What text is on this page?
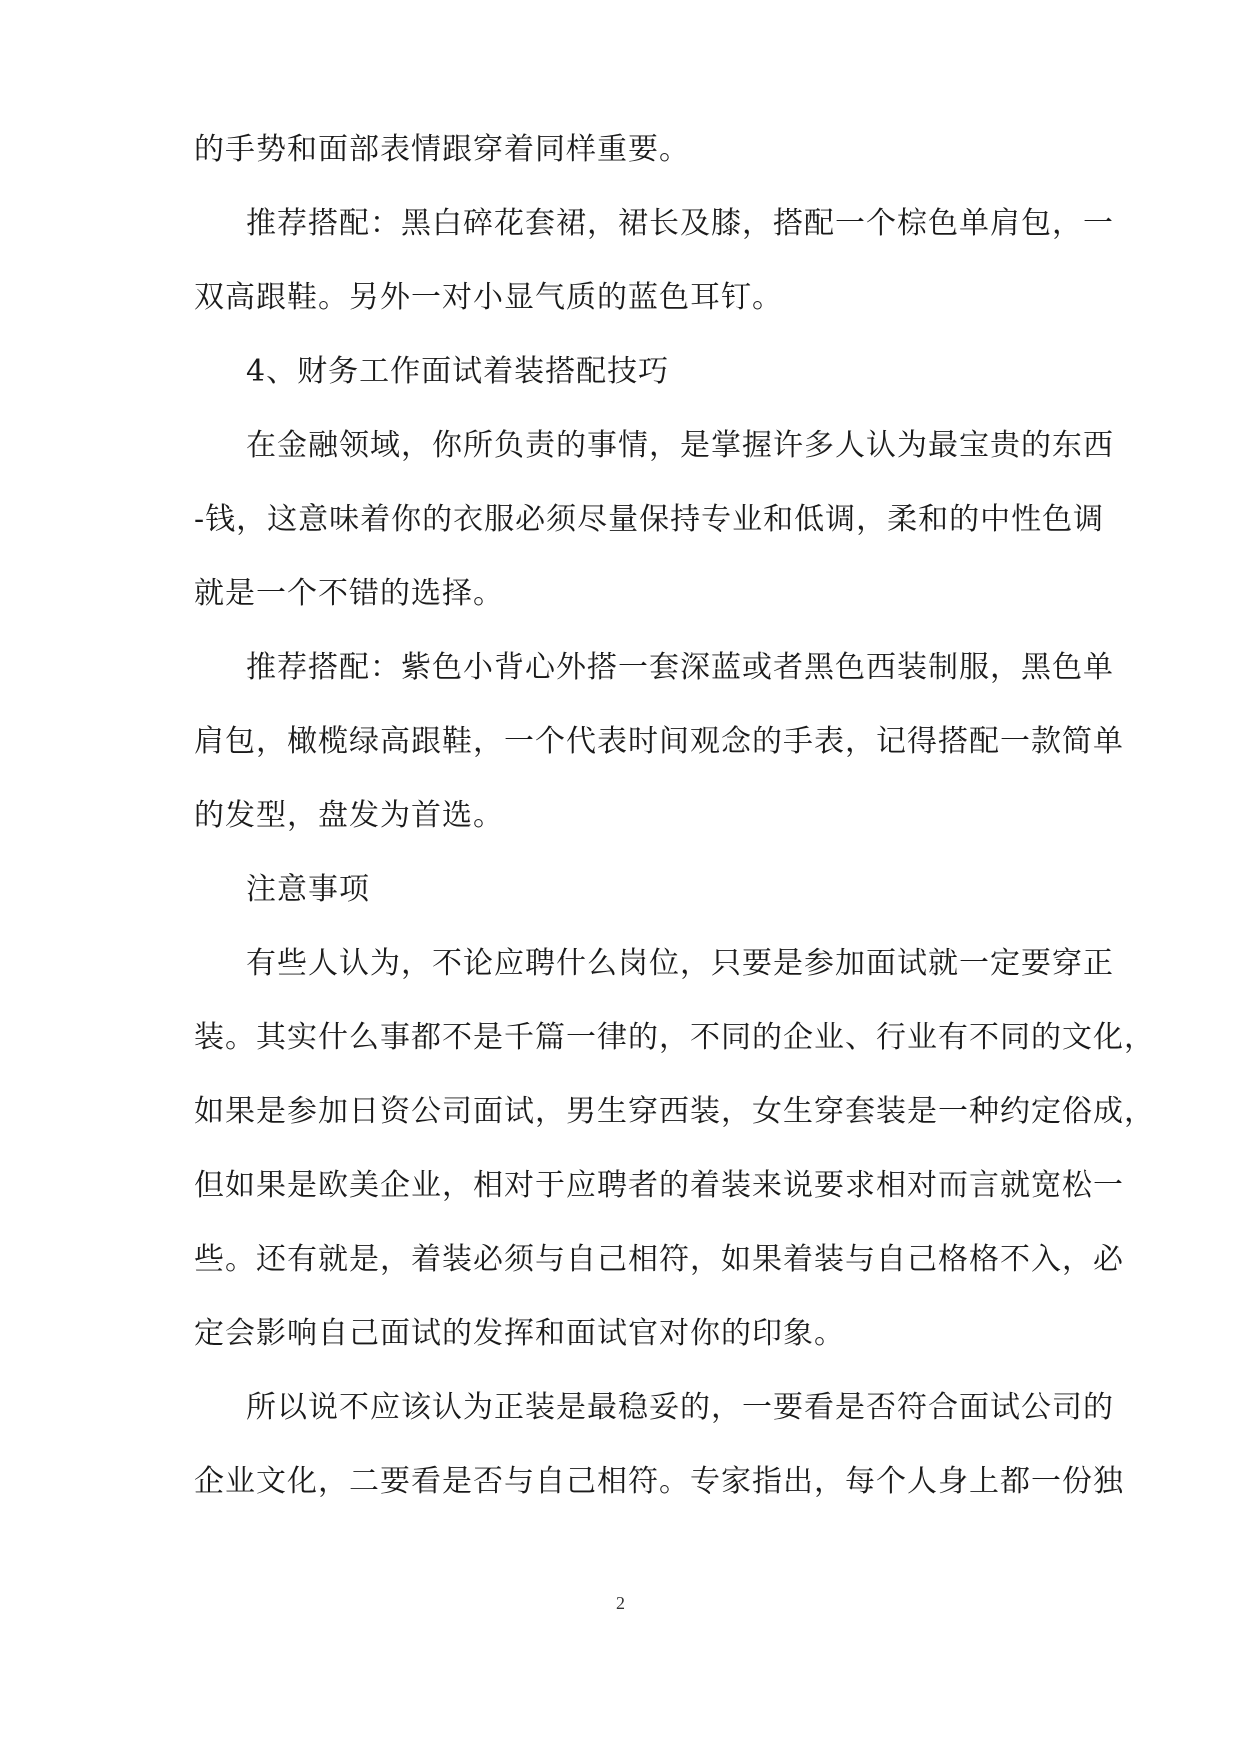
的手势和面部表情跟穿着同样重要。
推荐搭配：黑白碎花套裙，裙长及膝，搭配一个棕色单肩包，一
双高跟鞋。另外一对小显气质的蓝色耳钉。
4、财务工作面试着装搭配技巧
在金融领域，你所负责的事情，是掌握许多人认为最宝贵的东西
-钱，这意味着你的衣服必须尽量保持专业和低调，柔和的中性色调
就是一个不错的选择。
推荐搭配：紫色小背心外搭一套深蓝或者黑色西装制服，黑色单
肩包，橄榄绿高跟鞋，一个代表时间观念的手表，记得搭配一款简单
的发型，盘发为首选。
注意事项
有些人认为，不论应聘什么岗位，只要是参加面试就一定要穿正
装。其实什么事都不是千篇一律的，不同的企业、行业有不同的文化，
如果是参加日资公司面试，男生穿西装，女生穿套装是一种约定俗成，
但如果是欧美企业，相对于应聘者的着装来说要求相对而言就宽松一
些。还有就是，着装必须与自己相符，如果着装与自己格格不入，必
定会影响自己面试的发挥和面试官对你的印象。
所以说不应该认为正装是最稳妥的，一要看是否符合面试公司的
企业文化，二要看是否与自己相符。专家指出，每个人身上都一份独
2
